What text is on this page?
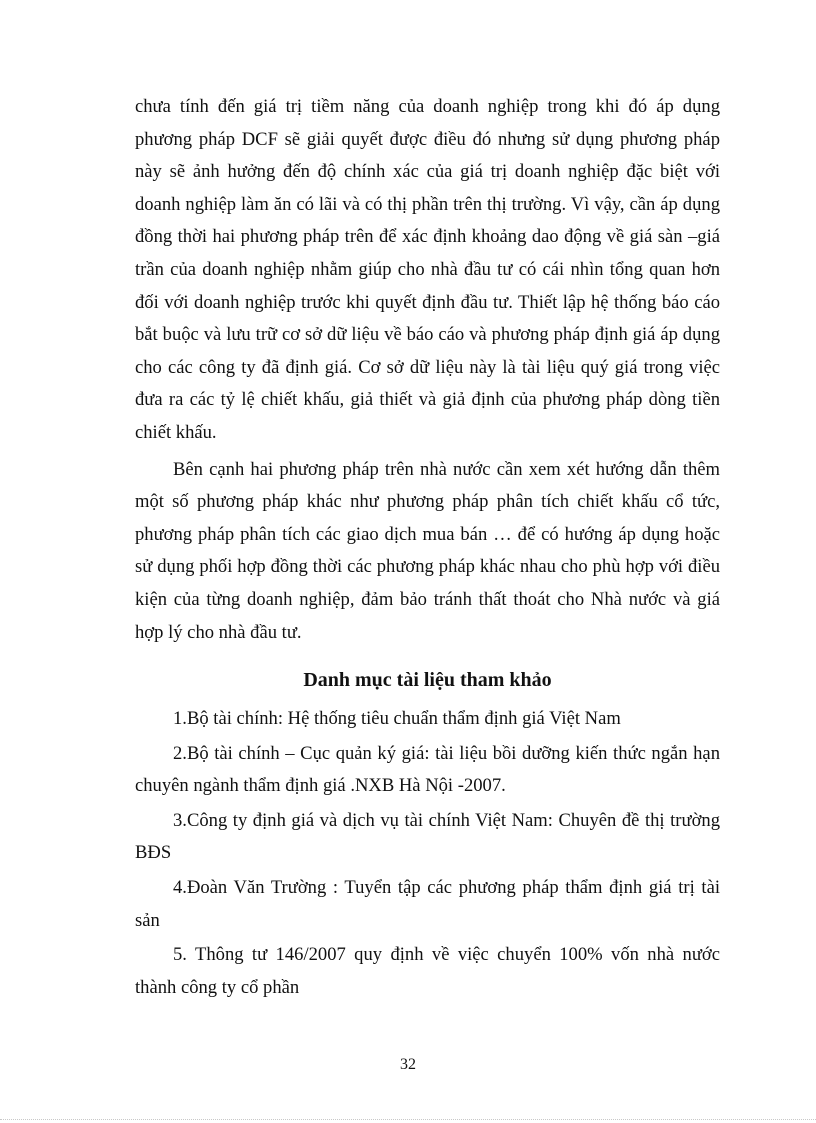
chưa tính đến giá trị tiềm năng của doanh nghiệp trong khi đó áp dụng phương pháp DCF sẽ giải quyết được điều đó nhưng sử dụng phương pháp này sẽ ảnh hưởng đến độ chính xác của giá trị doanh nghiệp đặc biệt với doanh nghiệp làm ăn có lãi và có thị phần trên thị trường. Vì vậy, cần áp dụng đồng thời hai phương pháp trên để xác định khoảng dao động về giá sàn –giá trần của doanh nghiệp nhằm giúp cho nhà đầu tư có cái nhìn tổng quan hơn đối với doanh nghiệp trước khi quyết định đầu tư. Thiết lập hệ thống báo cáo bắt buộc và lưu trữ cơ sở dữ liệu về báo cáo và phương pháp định giá áp dụng cho các công ty đã định giá. Cơ sở dữ liệu này là tài liệu quý giá trong việc đưa ra các tỷ lệ chiết khấu, giả thiết và giả định của phương pháp dòng tiền chiết khấu.

Bên cạnh hai phương pháp trên nhà nước cần xem xét hướng dẫn thêm một số phương pháp khác như phương pháp phân tích chiết khấu cổ tức, phương pháp phân tích các giao dịch mua bán … để có hướng áp dụng hoặc sử dụng phối hợp đồng thời các phương pháp khác nhau cho phù hợp với điều kiện của từng doanh nghiệp, đảm bảo tránh thất thoát cho Nhà nước và giá hợp lý cho nhà đầu tư.

Danh mục tài liệu tham khảo

1.Bộ tài chính: Hệ thống tiêu chuẩn thẩm định giá Việt Nam

2.Bộ tài chính – Cục quản ký giá: tài liệu bồi dưỡng kiến thức ngắn hạn chuyên ngành thẩm định giá .NXB Hà Nội -2007.

3.Công ty định giá và dịch vụ tài chính Việt Nam: Chuyên đề thị trường BĐS

4.Đoàn Văn Trường : Tuyển tập các phương pháp thẩm định giá trị tài sản

5. Thông tư 146/2007 quy định về việc chuyển 100% vốn nhà nước thành công ty cổ phần

32
